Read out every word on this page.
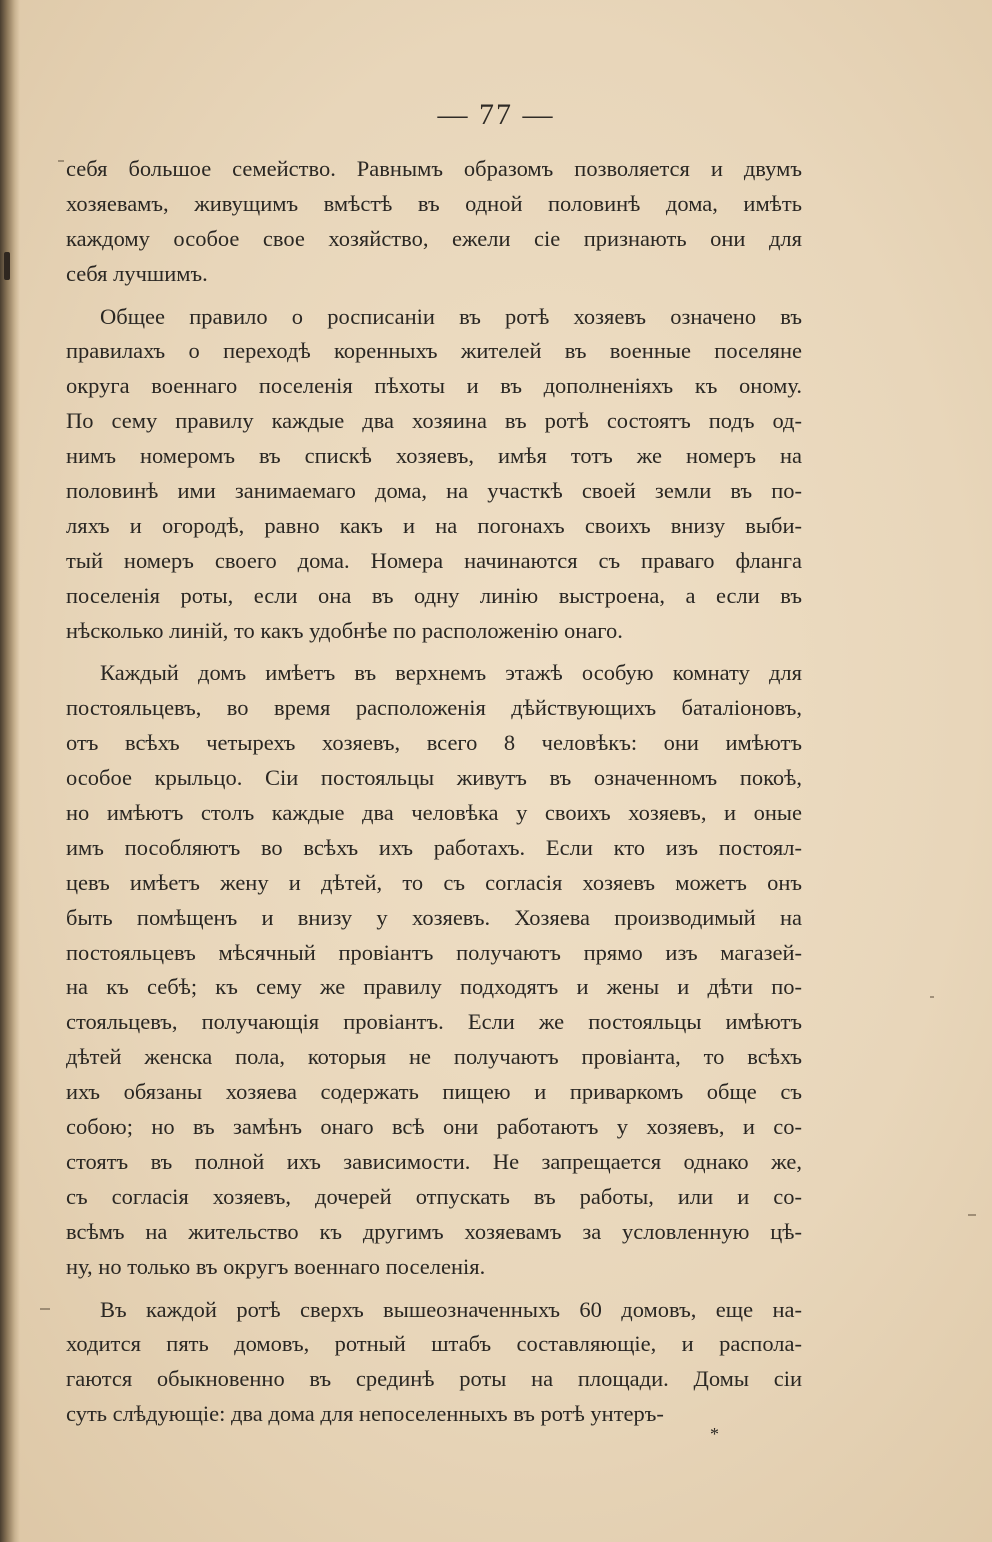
— 77 —
себя большое семейство. Равнымъ образомъ позволяется и двумъ
хозяевамъ, живущимъ вмѣстѣ въ одной половинѣ дома, имѣть
каждому особое свое хозяйство, ежели сіе признають они для
себя лучшимъ.
Общее правило о росписаніи въ ротѣ хозяевъ означено въ
правилахъ о переходѣ коренныхъ жителей въ военные поселяне
округа военнаго поселенія пѣхоты и въ дополненіяхъ къ оному.
По сему правилу каждые два хозяина въ ротѣ состоятъ подъ од-
нимъ номеромъ въ спискѣ хозяевъ, имѣя тотъ же номеръ на
половинѣ ими занимаемаго дома, на участкѣ своей земли въ по-
ляхъ и огородѣ, равно какъ и на погонахъ своихъ внизу выби-
тый номеръ своего дома. Номера начинаются съ праваго фланга
поселенія роты, если она въ одну линію выстроена, а если въ
нѣсколько линій, то какъ удобнѣе по расположенію онаго.
Каждый домъ имѣетъ въ верхнемъ этажѣ особую комнату для
постояльцевъ, во время расположенія дѣйствующихъ баталіоновъ,
отъ всѣхъ четырехъ хозяевъ, всего 8 человѣкъ: они имѣютъ
особое крыльцо. Сіи постояльцы живутъ въ означенномъ покоѣ,
но имѣютъ столъ каждые два человѣка у своихъ хозяевъ, и оные
имъ пособляютъ во всѣхъ ихъ работахъ. Если кто изъ постоял-
цевъ имѣетъ жену и дѣтей, то съ согласія хозяевъ можетъ онъ
быть помѣщенъ и внизу у хозяевъ. Хозяева производимый на
постояльцевъ мѣсячный провіантъ получаютъ прямо изъ магазей-
на къ себѣ; къ сему же правилу подходятъ и жены и дѣти по-
стояльцевъ, получающія провіантъ. Если же постояльцы имѣютъ
дѣтей женска пола, которыя не получаютъ провіанта, то всѣхъ
ихъ обязаны хозяева содержать пищею и приваркомъ обще съ
собою; но въ замѣнъ онаго всѣ они работаютъ у хозяевъ, и со-
стоятъ въ полной ихъ зависимости. Не запрещается однако же,
съ согласія хозяевъ, дочерей отпускать въ работы, или и со-
всѣмъ на жительство къ другимъ хозяевамъ за условленную цѣ-
ну, но только въ округъ военнаго поселенія.
Въ каждой ротѣ сверхъ вышеозначенныхъ 60 домовъ, еще на-
ходится пять домовъ, ротный штабъ составляющіе, и распола-
гаются обыкновенно въ срединѣ роты на площади. Домы сіи
суть слѣдующіе: два дома для непоселенныхъ въ ротѣ унтеръ-
*
